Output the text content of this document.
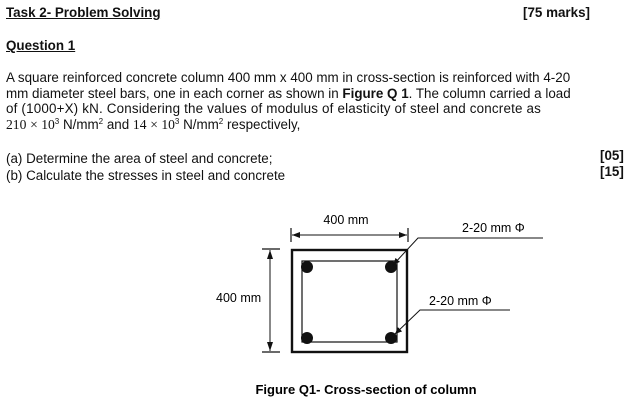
Task 2- Problem Solving	[75 marks]
Question 1
A square reinforced concrete column 400 mm x 400 mm in cross-section is reinforced with 4-20
mm diameter steel bars, one in each corner as shown in Figure Q 1. The column carried a load
of (1000+X) kN. Considering the values of modulus of elasticity of steel and concrete as
$210 \times 10^3$ $N/mm^2$ and $14 \times 10^3$ $N/mm^2$ respectively,
(a) Determine the area of steel and concrete;	[05]
(b) Calculate the stresses in steel and concrete	[15]
400 mm
400 mm
2-20 mm Φ
2-20 mm Φ
Figure Q1- Cross-section of column
